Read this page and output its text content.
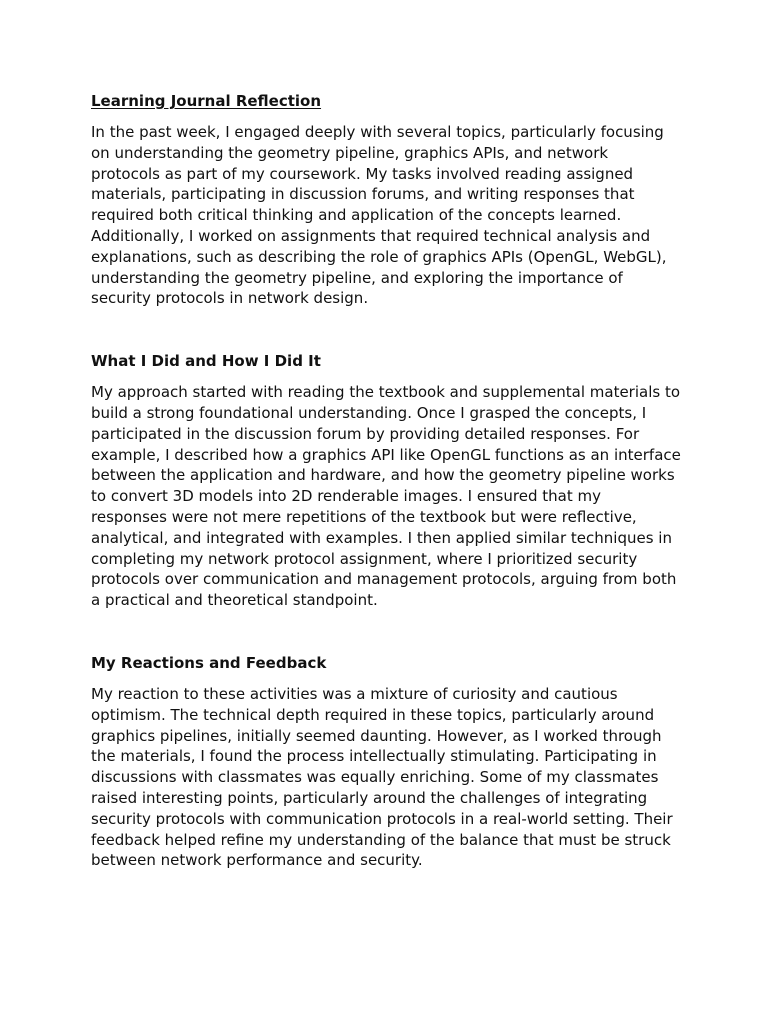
Learning Journal Reflection

In the past week, I engaged deeply with several topics, particularly focusing on understanding the geometry pipeline, graphics APIs, and network protocols as part of my coursework. My tasks involved reading assigned materials, participating in discussion forums, and writing responses that required both critical thinking and application of the concepts learned. Additionally, I worked on assignments that required technical analysis and explanations, such as describing the role of graphics APIs (OpenGL, WebGL), understanding the geometry pipeline, and exploring the importance of security protocols in network design.

What I Did and How I Did It

My approach started with reading the textbook and supplemental materials to build a strong foundational understanding. Once I grasped the concepts, I participated in the discussion forum by providing detailed responses. For example, I described how a graphics API like OpenGL functions as an interface between the application and hardware, and how the geometry pipeline works to convert 3D models into 2D renderable images. I ensured that my responses were not mere repetitions of the textbook but were reflective, analytical, and integrated with examples. I then applied similar techniques in completing my network protocol assignment, where I prioritized security protocols over communication and management protocols, arguing from both a practical and theoretical standpoint.

My Reactions and Feedback

My reaction to these activities was a mixture of curiosity and cautious optimism. The technical depth required in these topics, particularly around graphics pipelines, initially seemed daunting. However, as I worked through the materials, I found the process intellectually stimulating. Participating in discussions with classmates was equally enriching. Some of my classmates raised interesting points, particularly around the challenges of integrating security protocols with communication protocols in a real-world setting. Their feedback helped refine my understanding of the balance that must be struck between network performance and security.
